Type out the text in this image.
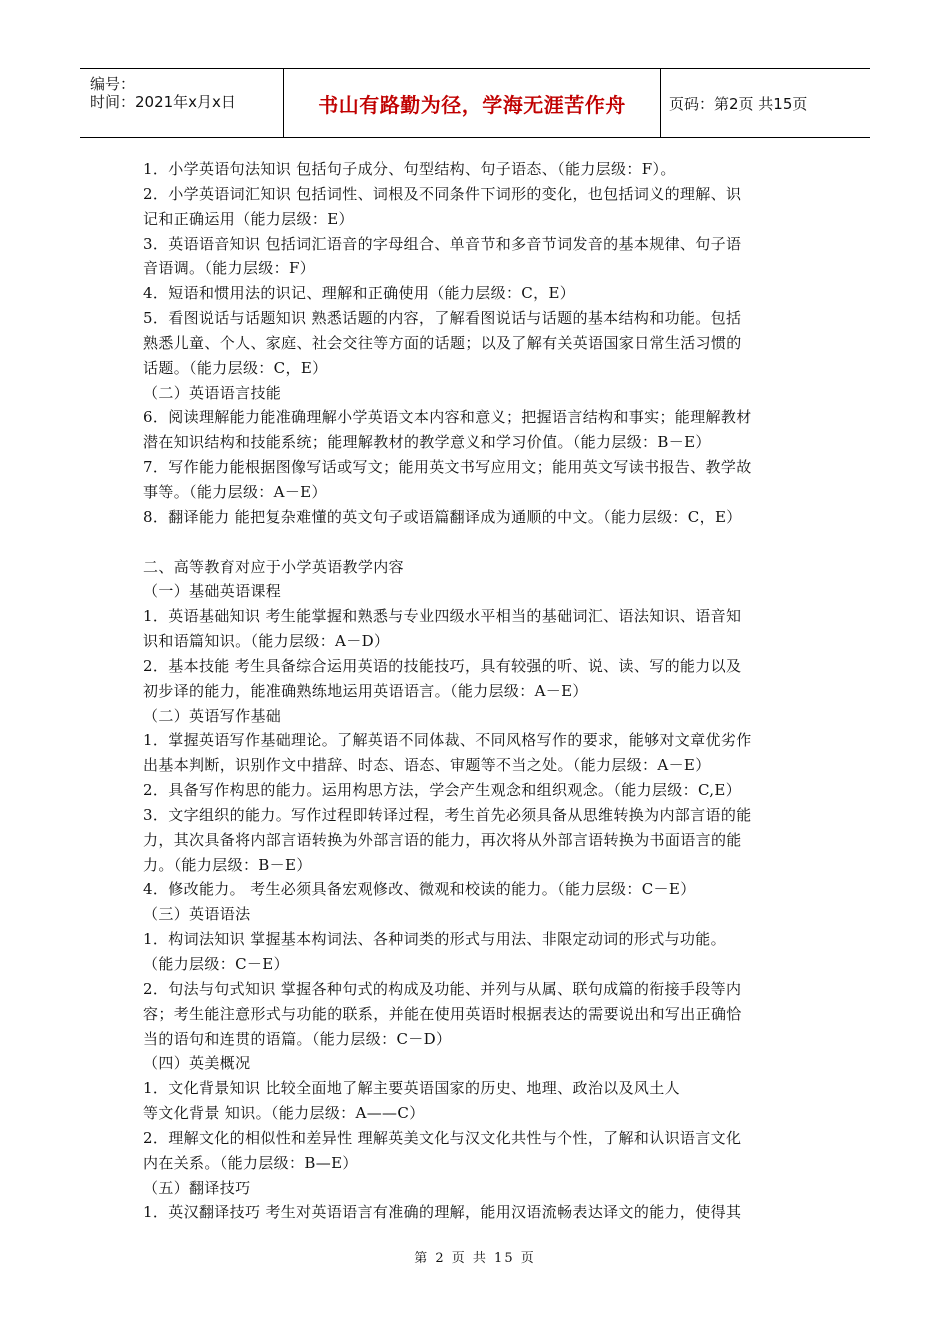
编号：
时间：2021年x月x日	书山有路勤为径，学海无涯苦作舟	页码：第2页 共15页

1．小学英语句法知识 包括句子成分、句型结构、句子语态、（能力层级：F）。

2．小学英语词汇知识 包括词性、词根及不同条件下词形的变化，也包括词义的理解、识

记和正确运用（能力层级：E）

3．英语语音知识 包括词汇语音的字母组合、单音节和多音节词发音的基本规律、句子语

音语调。（能力层级：F）

4．短语和惯用法的识记、理解和正确使用（能力层级：C，E）

5．看图说话与话题知识 熟悉话题的内容，了解看图说话与话题的基本结构和功能。包括

熟悉儿童、个人、家庭、社会交往等方面的话题；以及了解有关英语国家日常生活习惯的

话题。（能力层级：C，E）

（二）英语语言技能

6．阅读理解能力能准确理解小学英语文本内容和意义；把握语言结构和事实；能理解教材

潜在知识结构和技能系统；能理解教材的教学意义和学习价值。（能力层级：B－E）

7．写作能力能根据图像写话或写文；能用英文书写应用文；能用英文写读书报告、教学故

事等。（能力层级：A－E）

8．翻译能力 能把复杂难懂的英文句子或语篇翻译成为通顺的中文。（能力层级：C，E）

二、高等教育对应于小学英语教学内容

（一）基础英语课程

1．英语基础知识 考生能掌握和熟悉与专业四级水平相当的基础词汇、语法知识、语音知

识和语篇知识。（能力层级：A－D）

2．基本技能 考生具备综合运用英语的技能技巧，具有较强的听、说、读、写的能力以及

初步译的能力，能准确熟练地运用英语语言。（能力层级：A－E）

（二）英语写作基础

1．掌握英语写作基础理论。了解英语不同体裁、不同风格写作的要求，能够对文章优劣作

出基本判断，识别作文中措辞、时态、语态、审题等不当之处。（能力层级：A－E）

2．具备写作构思的能力。运用构思方法，学会产生观念和组织观念。（能力层级：C,E）

3．文字组织的能力。写作过程即转译过程，考生首先必须具备从思维转换为内部言语的能

力，其次具备将内部言语转换为外部言语的能力，再次将从外部言语转换为书面语言的能

力。（能力层级：B－E）

4．修改能力。 考生必须具备宏观修改、微观和校读的能力。（能力层级：C－E）

（三）英语语法

1．构词法知识 掌握基本构词法、各种词类的形式与用法、非限定动词的形式与功能。

（能力层级：C－E）

2．句法与句式知识 掌握各种句式的构成及功能、并列与从属、联句成篇的衔接手段等内

容；考生能注意形式与功能的联系，并能在使用英语时根据表达的需要说出和写出正确恰

当的语句和连贯的语篇。（能力层级：C－D）

（四）英美概况

1．文化背景知识 比较全面地了解主要英语国家的历史、地理、政治以及风土人

等文化背景 知识。（能力层级：A——C）

2．理解文化的相似性和差异性 理解英美文化与汉文化共性与个性，了解和认识语言文化

内在关系。（能力层级：B—E）

（五）翻译技巧

1．英汉翻译技巧 考生对英语语言有准确的理解，能用汉语流畅表达译文的能力，使得其

第 2 页 共 15 页
